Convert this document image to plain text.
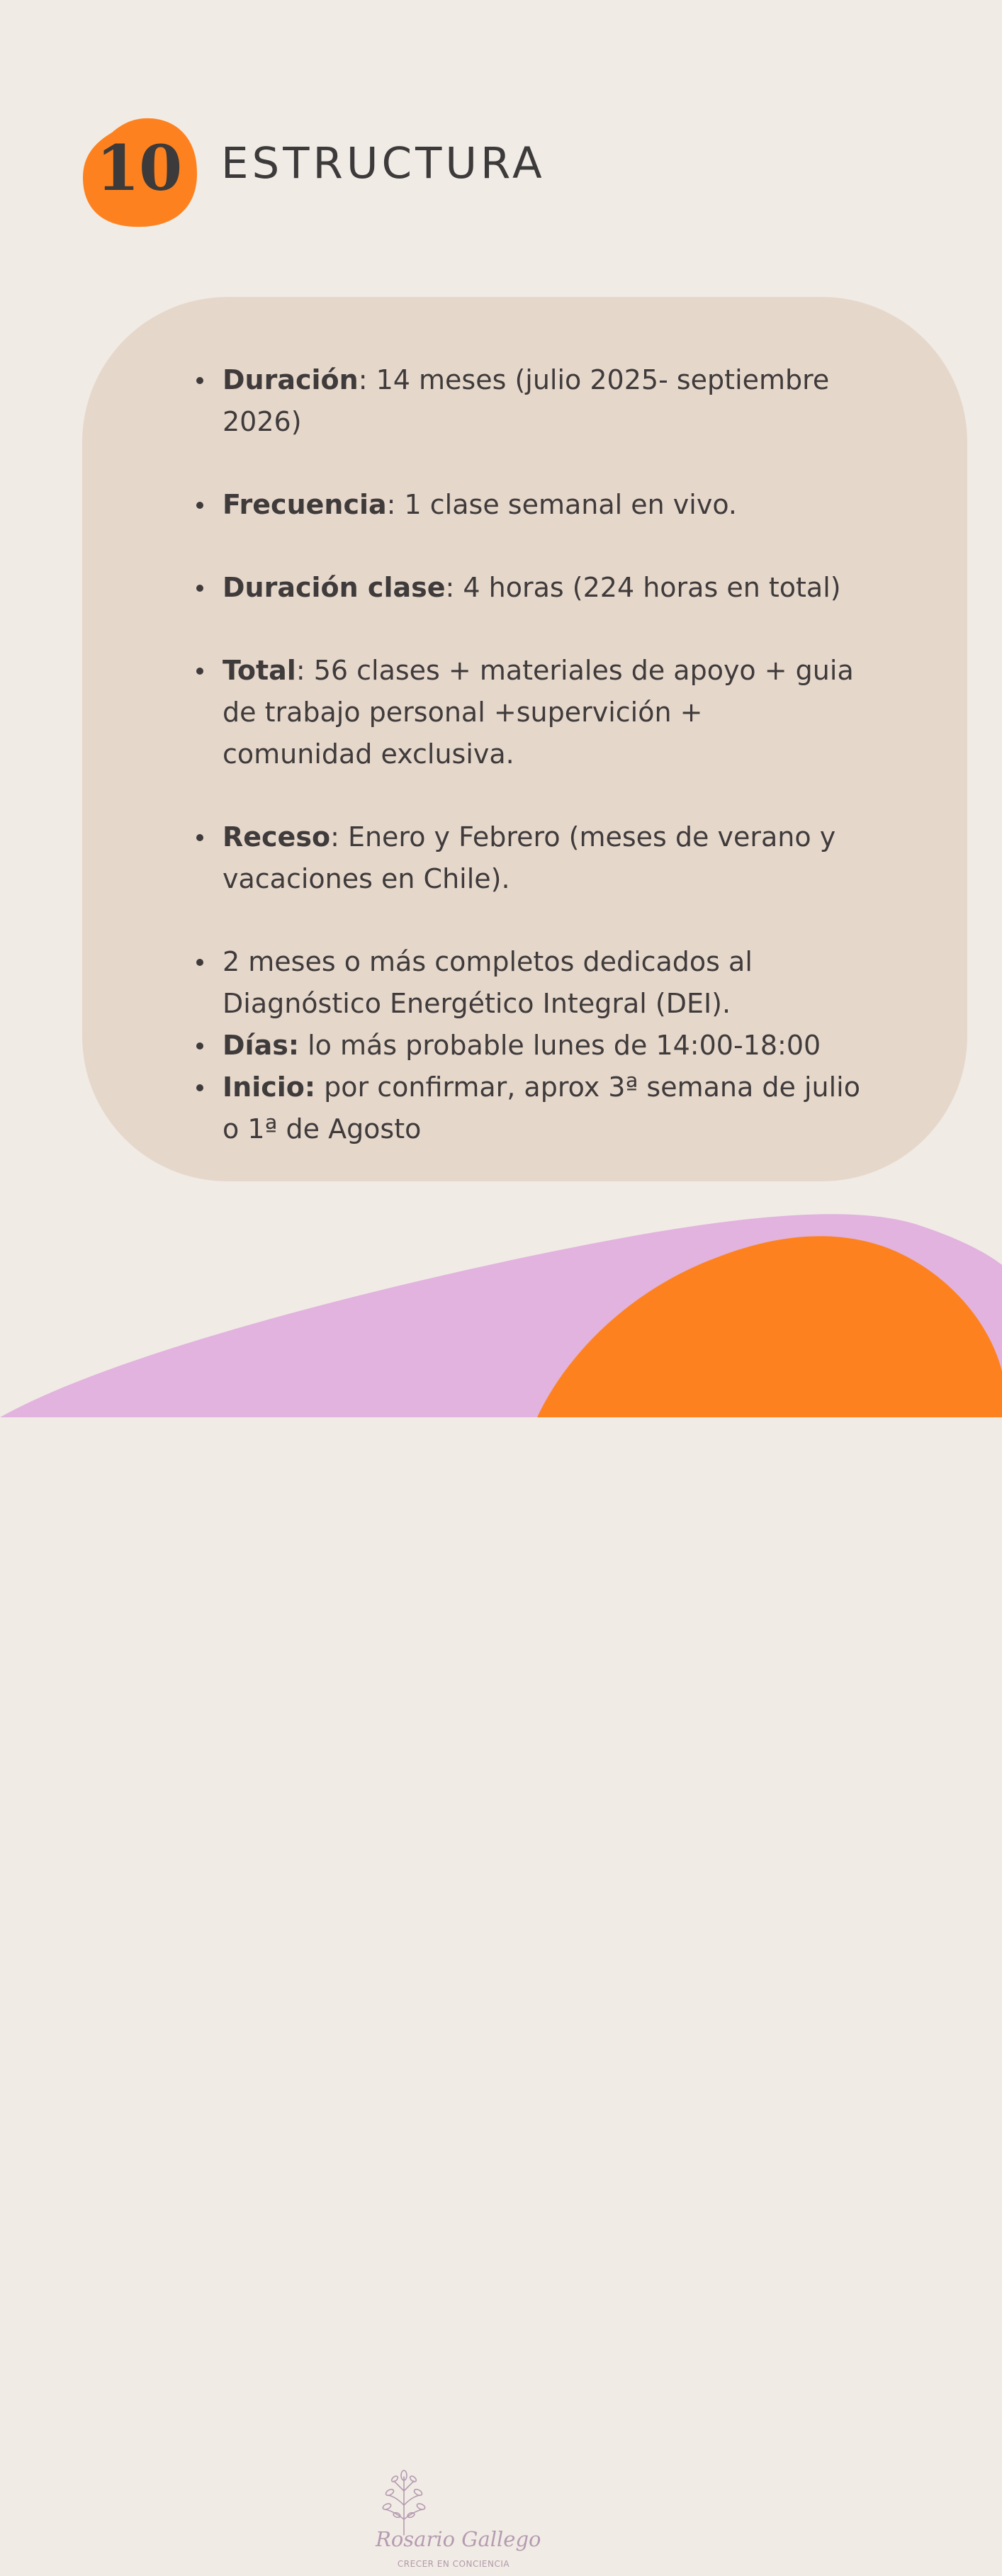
10 ESTRUCTURA
Duración: 14 meses (julio 2025- septiembre 2026)
Frecuencia: 1 clase semanal en vivo.
Duración clase: 4 horas (224 horas en total)
Total: 56 clases + materiales de apoyo + guia de trabajo personal +supervición + comunidad exclusiva.
Receso: Enero y Febrero (meses de verano y vacaciones en Chile).
2 meses o más completos dedicados al Diagnóstico Energético Integral (DEI).
Días: lo más probable lunes de 14:00-18:00
Inicio: por confirmar, aprox 3ª semana de julio o 1ª de Agosto
Rosario Gallego
CRECER EN CONCIENCIA
